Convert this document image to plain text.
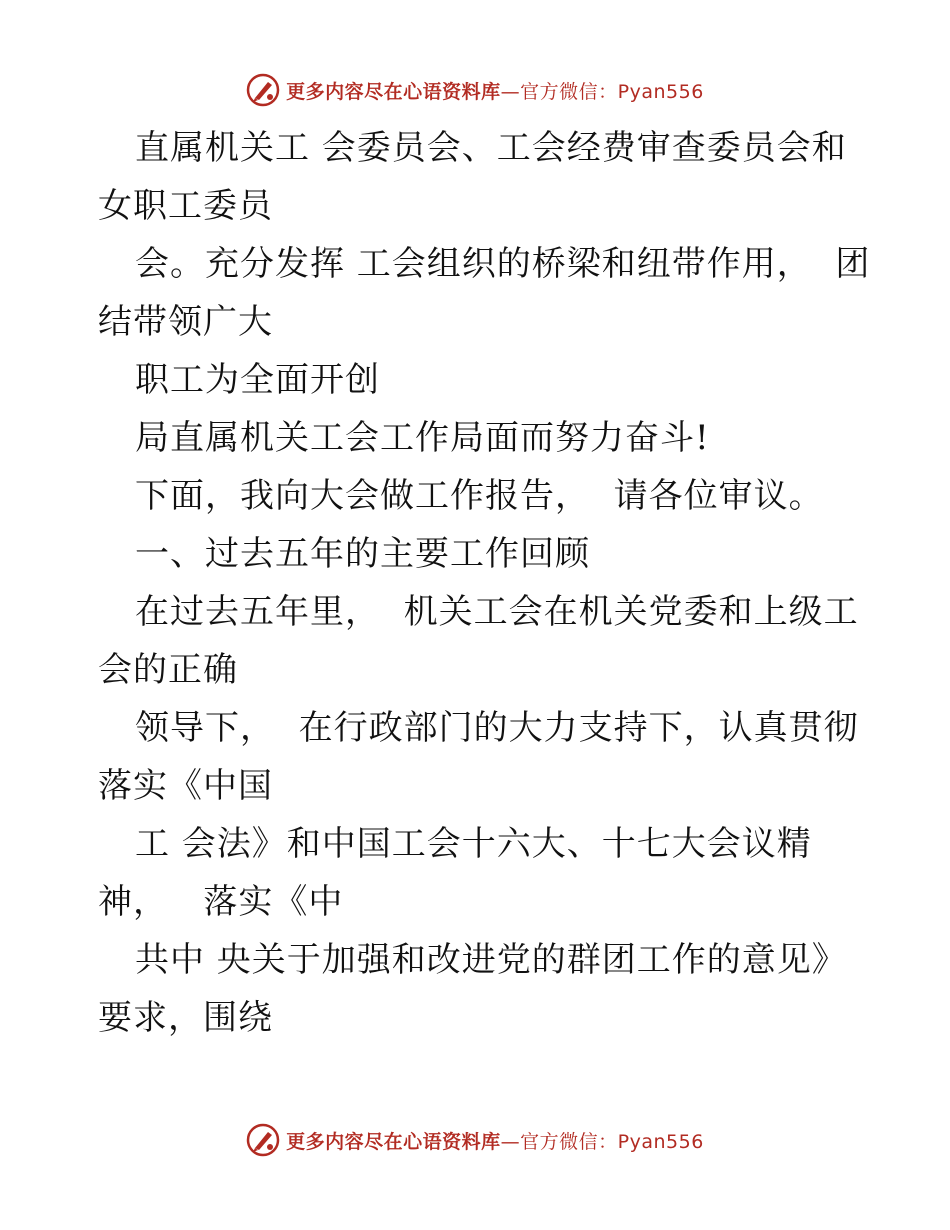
更多内容尽在心语资料库—官方微信：Pyan556
直属机关工 会委员会、工会经费审查委员会和
女职工委员
会。充分发挥 工会组织的桥梁和纽带作用，  团
结带领广大
职工为全面开创
局直属机关工会工作局面而努力奋斗!
下面，我向大会做工作报告，  请各位审议。
一、过去五年的主要工作回顾
在过去五年里，  机关工会在机关党委和上级工
会的正确
领导下，  在行政部门的大力支持下，认真贯彻
落实《中国
工 会法》和中国工会十六大、十七大会议精
神，   落实《中
共中 央关于加强和改进党的群团工作的意见》
要求，围绕
更多内容尽在心语资料库—官方微信：Pyan556
